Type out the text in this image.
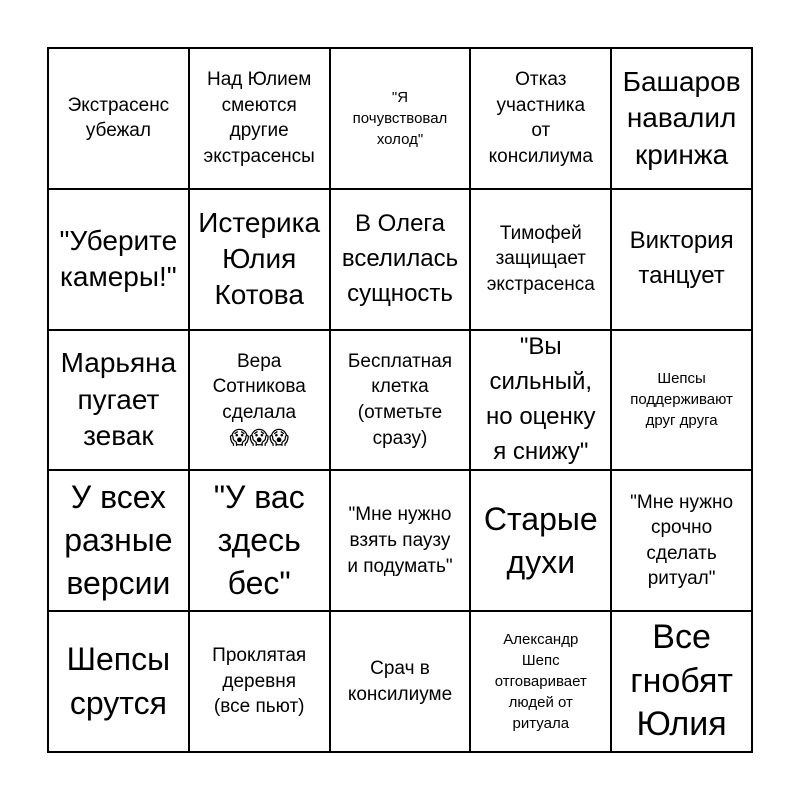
Экстрасенс
убежал
Над Юлием
смеются
другие
экстрасенсы
"Я
почувствовал
холод"
Отказ
участника
от
консилиума
Башаров
навалил
кринжа
"Уберите
камеры!"
Истерика
Юлия
Котова
В Олега
вселилась
сущность
Тимофей
защищает
экстрасенса
Виктория
танцует
Марьяна
пугает
зевак
Вера
Сотникова
сделала
😱😱😱
Бесплатная
клетка
(отметьте
сразу)
"Вы
сильный,
но оценку
я снижу"
Шепсы
поддерживают
друг друга
У всех
разные
версии
"У вас
здесь
бес"
"Мне нужно
взять паузу
и подумать"
Старые
духи
"Мне нужно
срочно
сделать
ритуал"
Шепсы
срутся
Проклятая
деревня
(все пьют)
Срач в
консилиуме
Александр
Шепс
отговаривает
людей от
ритуала
Все
гнобят
Юлия
